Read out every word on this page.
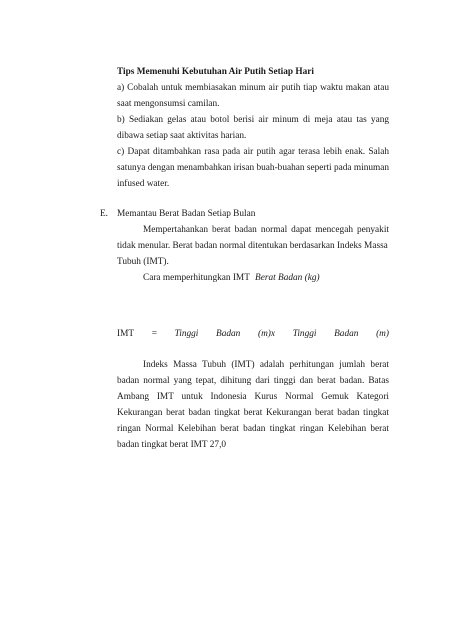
Tips Memenuhi Kebutuhan Air Putih Setiap Hari
a) Cobalah untuk membiasakan minum air putih tiap waktu makan atau
saat mengonsumsi camilan.
b) Sediakan gelas atau botol berisi air minum di meja atau tas yang
dibawa setiap saat aktivitas harian.
c) Dapat ditambahkan rasa pada air putih agar terasa lebih enak. Salah
satunya dengan menambahkan irisan buah-buahan seperti pada minuman
infused water.
E. Memantau Berat Badan Setiap Bulan
Mempertahankan berat badan normal dapat mencegah penyakit
tidak menular. Berat badan normal ditentukan berdasarkan Indeks Massa
Tubuh (IMT).
Cara memperhitungkan IMT Berat Badan (kg)
IMT = Tinggi Badan (m)x Tinggi Badan (m)
Indeks Massa Tubuh (IMT) adalah perhitungan jumlah berat
badan normal yang tepat, dihitung dari tinggi dan berat badan. Batas
Ambang IMT untuk Indonesia Kurus Normal Gemuk Kategori
Kekurangan berat badan tingkat berat Kekurangan berat badan tingkat
ringan Normal Kelebihan berat badan tingkat ringan Kelebihan berat
badan tingkat berat IMT 27,0
